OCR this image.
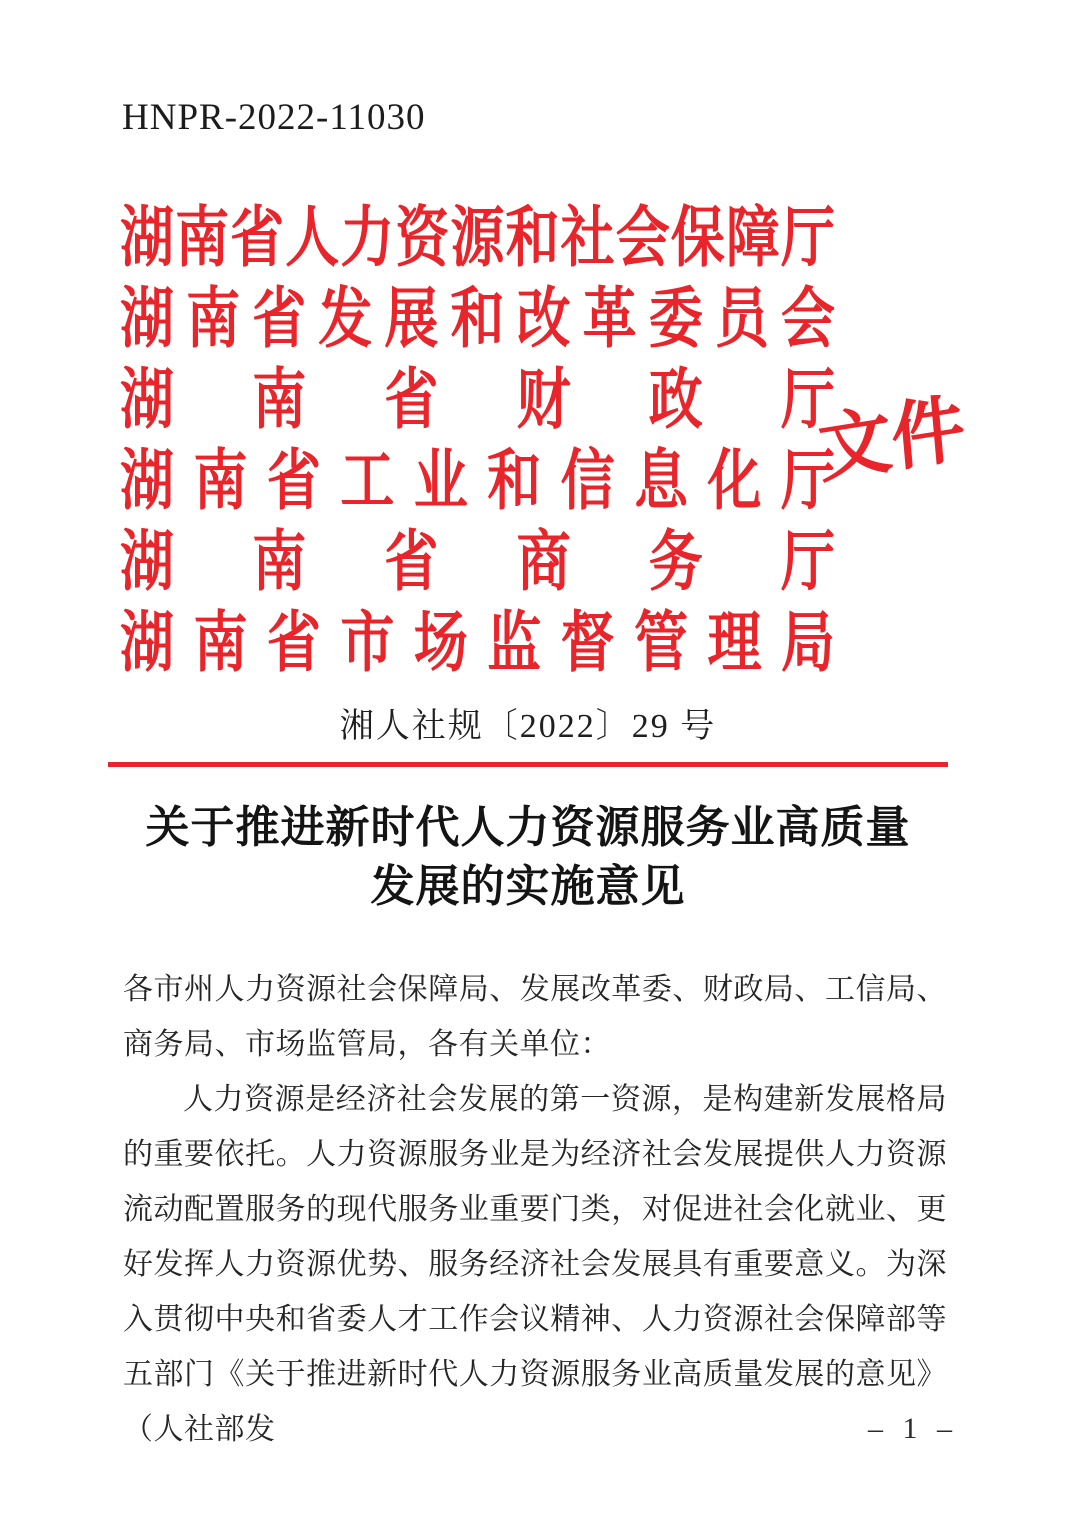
HNPR-2022-11030
湖 南 省 人 力 资 源 和 社 会 保 障 厅
湖 南 省 发 展 和 改 革 委 员 会
湖 南 省 财 政 厅
湖 南 省 工 业 和 信 息 化 厅
湖 南 省 商 务 厅
湖 南 省 市 场 监 督 管 理 局
文件
湘人社规〔2022〕29 号
关于推进新时代人力资源服务业高质量
发展的实施意见

各市州人力资源社会保障局、发展改革委、财政局、工信局、商务局、市场监管局，各有关单位：

人力资源是经济社会发展的第一资源，是构建新发展格局的重要依托。人力资源服务业是为经济社会发展提供人力资源流动配置服务的现代服务业重要门类，对促进社会化就业、更好发挥人力资源优势、服务经济社会发展具有重要意义。为深入贯彻中央和省委人才工作会议精神、人力资源社会保障部等五部门《关于推进新时代人力资源服务业高质量发展的意见》（人社部发	– 1 –
